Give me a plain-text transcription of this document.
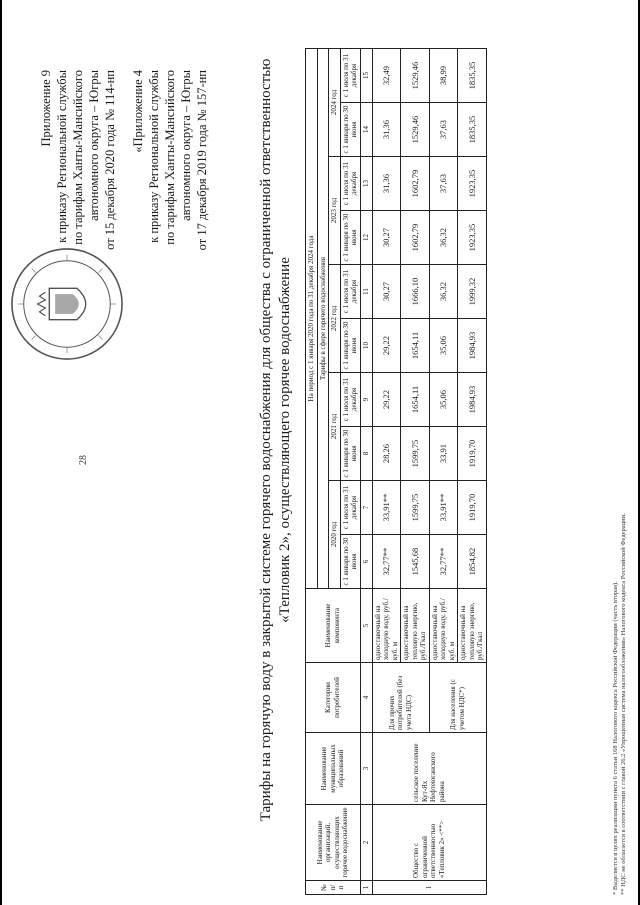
28
Приложение 9 к приказу Региональной службы по тарифам Ханты-Мансийского автономного округа – Югры от 15 декабря 2020 года № 114-нп «Приложение 4 к приказу Региональной службы по тарифам Ханты-Мансийского автономного округа – Югры от 17 декабря 2019 года № 157-нп	Тарифы на горячую воду в закрытой системе горячего водоснабжения для общества с ограниченной ответственностью «Тепловик 2», осуществляющего горячее водоснабжение
№ п/ п	Наименование организаций, осуществляющих горячее водоснабжение	Наименование муниципальных образований	Категории потребителей	Наименование компонента	На период с 1 января 2020 года по 31 декабря 2024 года									
					Тарифы в сфере горячего водоснабжения									
					2020 год		2021 год		2022 год		2023 год		2024 год	
					с 1 января по 30 июня	с 1 июля по 31 декабря	с 1 января по 30 июня	с 1 июля по 31 декабря	с 1 января по 30 июня	с 1 июля по 31 декабря	с 1 января по 30 июня	с 1 июля по 31 декабря	с 1 января по 30 июня	с 1 июля по 31 декабря
1	2	3	4	5	6	7	8	9	10	11	12	13	14	15
1	Общество с ограниченной ответственностью «Тепловик 2» <**>	сельское поселение Кут-Ях Нефтеюганского района	Для прочих потребителей (без учета НДС)	одноставочный на холодную воду, руб./куб. м	32,77**	33,91**	28,26	29,22	29,22	30,27	30,27	31,36	31,36	32,49
				одноставочный на тепловую энергию, руб./Гкал	1545,68	1599,75	1599,75	1654,11	1654,11	1666,10	1602,79	1602,79	1529,46	1529,46
			Для населения (с учетом НДС*)	одноставочный на холодную воду, руб./куб. м	32,77**	33,91**	33,91	35,06	35,06	36,32	36,32	37,63	37,63	38,99
				одноставочный на тепловую энергию, руб./Гкал	1854,82	1919,70	1919,70	1984,93	1984,93	1999,32	1923,35	1923,35	1835,35	1835,35
* Выделяется в целях реализации пункта 6 статьи 168 Налогового кодекса Российской Федерации (часть вторая). ** НДС не облагается в соответствии с главой 26.2 «Упрощенная система налогообложения» Налогового кодекса Российской Федерации.
